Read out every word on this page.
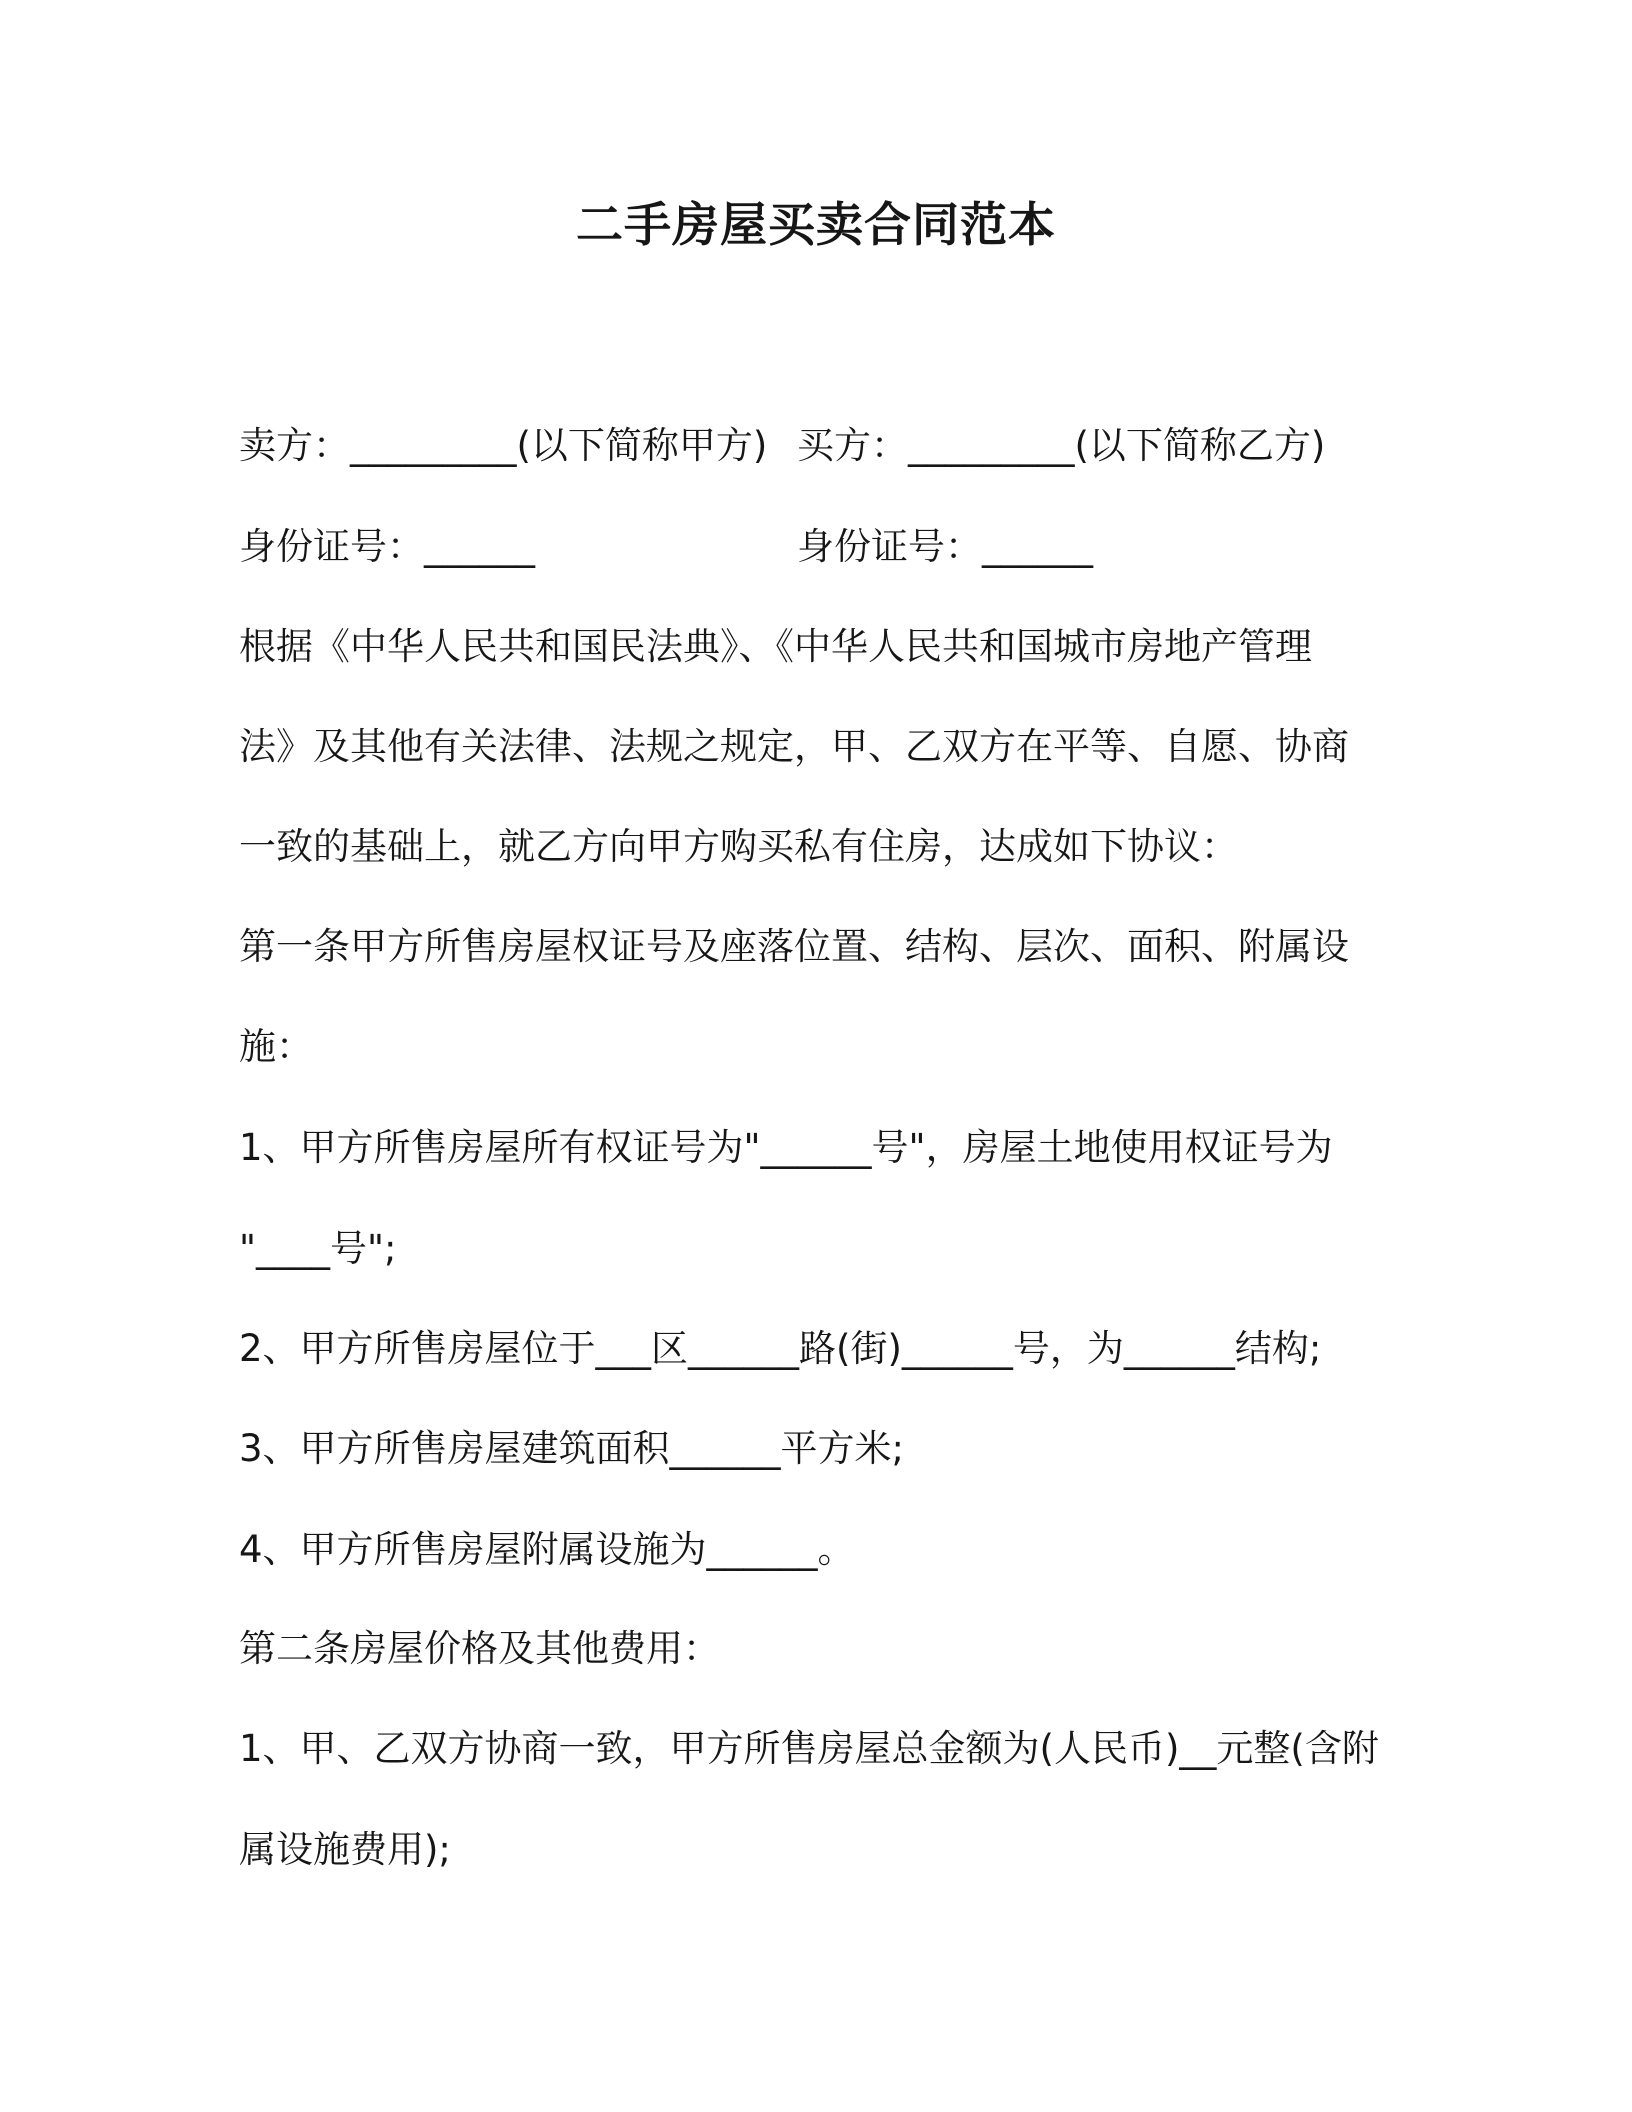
二手房屋买卖合同范本
卖方：_________(以下简称甲方) 买方：_________(以下简称乙方)
身份证号：______	身份证号：______

根据《中华人民共和国民法典》、《中华人民共和国城市房地产管理

法》及其他有关法律、法规之规定，甲、乙双方在平等、自愿、协商

一致的基础上，就乙方向甲方购买私有住房，达成如下协议：

第一条甲方所售房屋权证号及座落位置、结构、层次、面积、附属设

施：

1、甲方所售房屋所有权证号为"______号"，房屋土地使用权证号为

"____号";

2、甲方所售房屋位于___区______路(街)______号，为______结构;

3、甲方所售房屋建筑面积______平方米;

4、甲方所售房屋附属设施为______。

第二条房屋价格及其他费用：

1、甲、乙双方协商一致，甲方所售房屋总金额为(人民币)__元整(含附

属设施费用);
